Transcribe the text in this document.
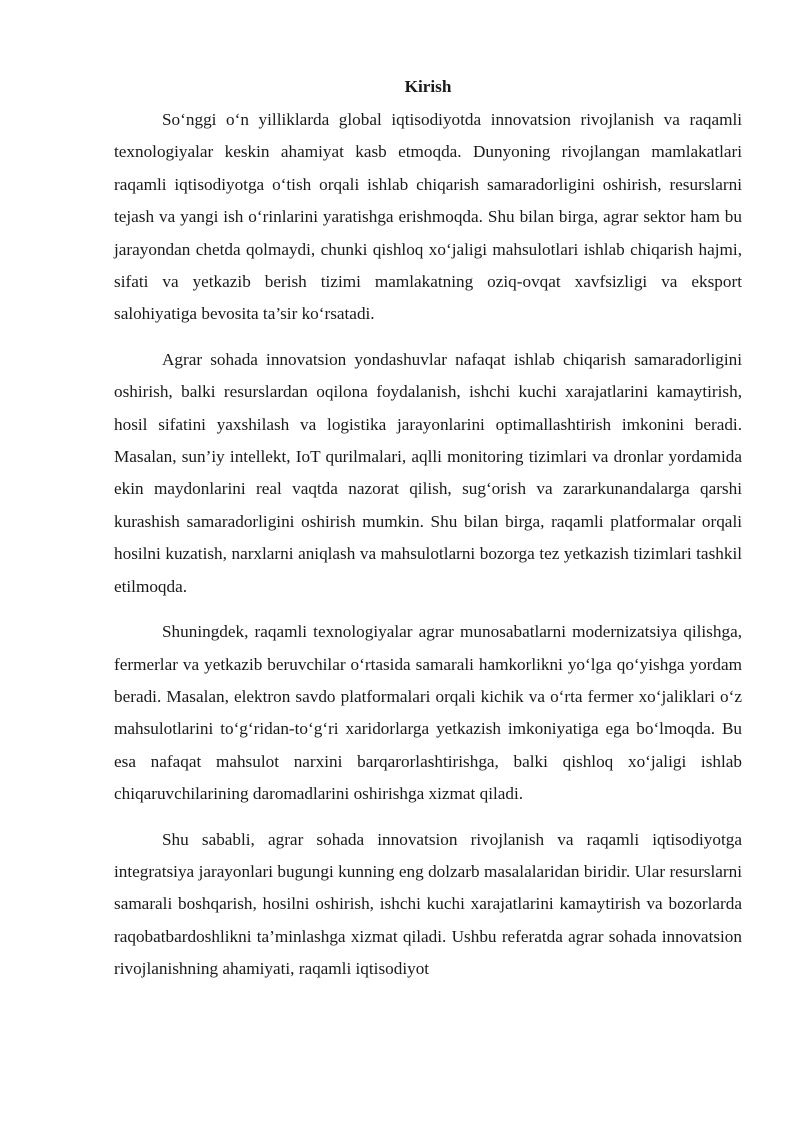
Kirish

So‘nggi o‘n yilliklarda global iqtisodiyotda innovatsion rivojlanish va raqamli texnologiyalar keskin ahamiyat kasb etmoqda. Dunyoning rivojlangan mamlakatlari raqamli iqtisodiyotga o‘tish orqali ishlab chiqarish samaradorligini oshirish, resurslarni tejash va yangi ish o‘rinlarini yaratishga erishmoqda. Shu bilan birga, agrar sektor ham bu jarayondan chetda qolmaydi, chunki qishloq xo‘jaligi mahsulotlari ishlab chiqarish hajmi, sifati va yetkazib berish tizimi mamlakatning oziq-ovqat xavfsizligi va eksport salohiyatiga bevosita ta’sir ko‘rsatadi.

Agrar sohada innovatsion yondashuvlar nafaqat ishlab chiqarish samaradorligini oshirish, balki resurslardan oqilona foydalanish, ishchi kuchi xarajatlarini kamaytirish, hosil sifatini yaxshilash va logistika jarayonlarini optimallashtirish imkonini beradi. Masalan, sun’iy intellekt, IoT qurilmalari, aqlli monitoring tizimlari va dronlar yordamida ekin maydonlarini real vaqtda nazorat qilish, sug‘orish va zararkunandalarga qarshi kurashish samaradorligini oshirish mumkin. Shu bilan birga, raqamli platformalar orqali hosilni kuzatish, narxlarni aniqlash va mahsulotlarni bozorga tez yetkazish tizimlari tashkil etilmoqda.

Shuningdek, raqamli texnologiyalar agrar munosabatlarni modernizatsiya qilishga, fermerlar va yetkazib beruvchilar o‘rtasida samarali hamkorlikni yo‘lga qo‘yishga yordam beradi. Masalan, elektron savdo platformalari orqali kichik va o‘rta fermer xo‘jaliklari o‘z mahsulotlarini to‘g‘ridan-to‘g‘ri xaridorlarga yetkazish imkoniyatiga ega bo‘lmoqda. Bu esa nafaqat mahsulot narxini barqarorlashtirishga, balki qishloq xo‘jaligi ishlab chiqaruvchilarining daromadlarini oshirishga xizmat qiladi.

Shu sababli, agrar sohada innovatsion rivojlanish va raqamli iqtisodiyotga integratsiya jarayonlari bugungi kunning eng dolzarb masalalaridan biridir. Ular resurslarni samarali boshqarish, hosilni oshirish, ishchi kuchi xarajatlarini kamaytirish va bozorlarda raqobatbardoshlikni ta’minlashga xizmat qiladi. Ushbu referatda agrar sohada innovatsion rivojlanishning ahamiyati, raqamli iqtisodiyot
